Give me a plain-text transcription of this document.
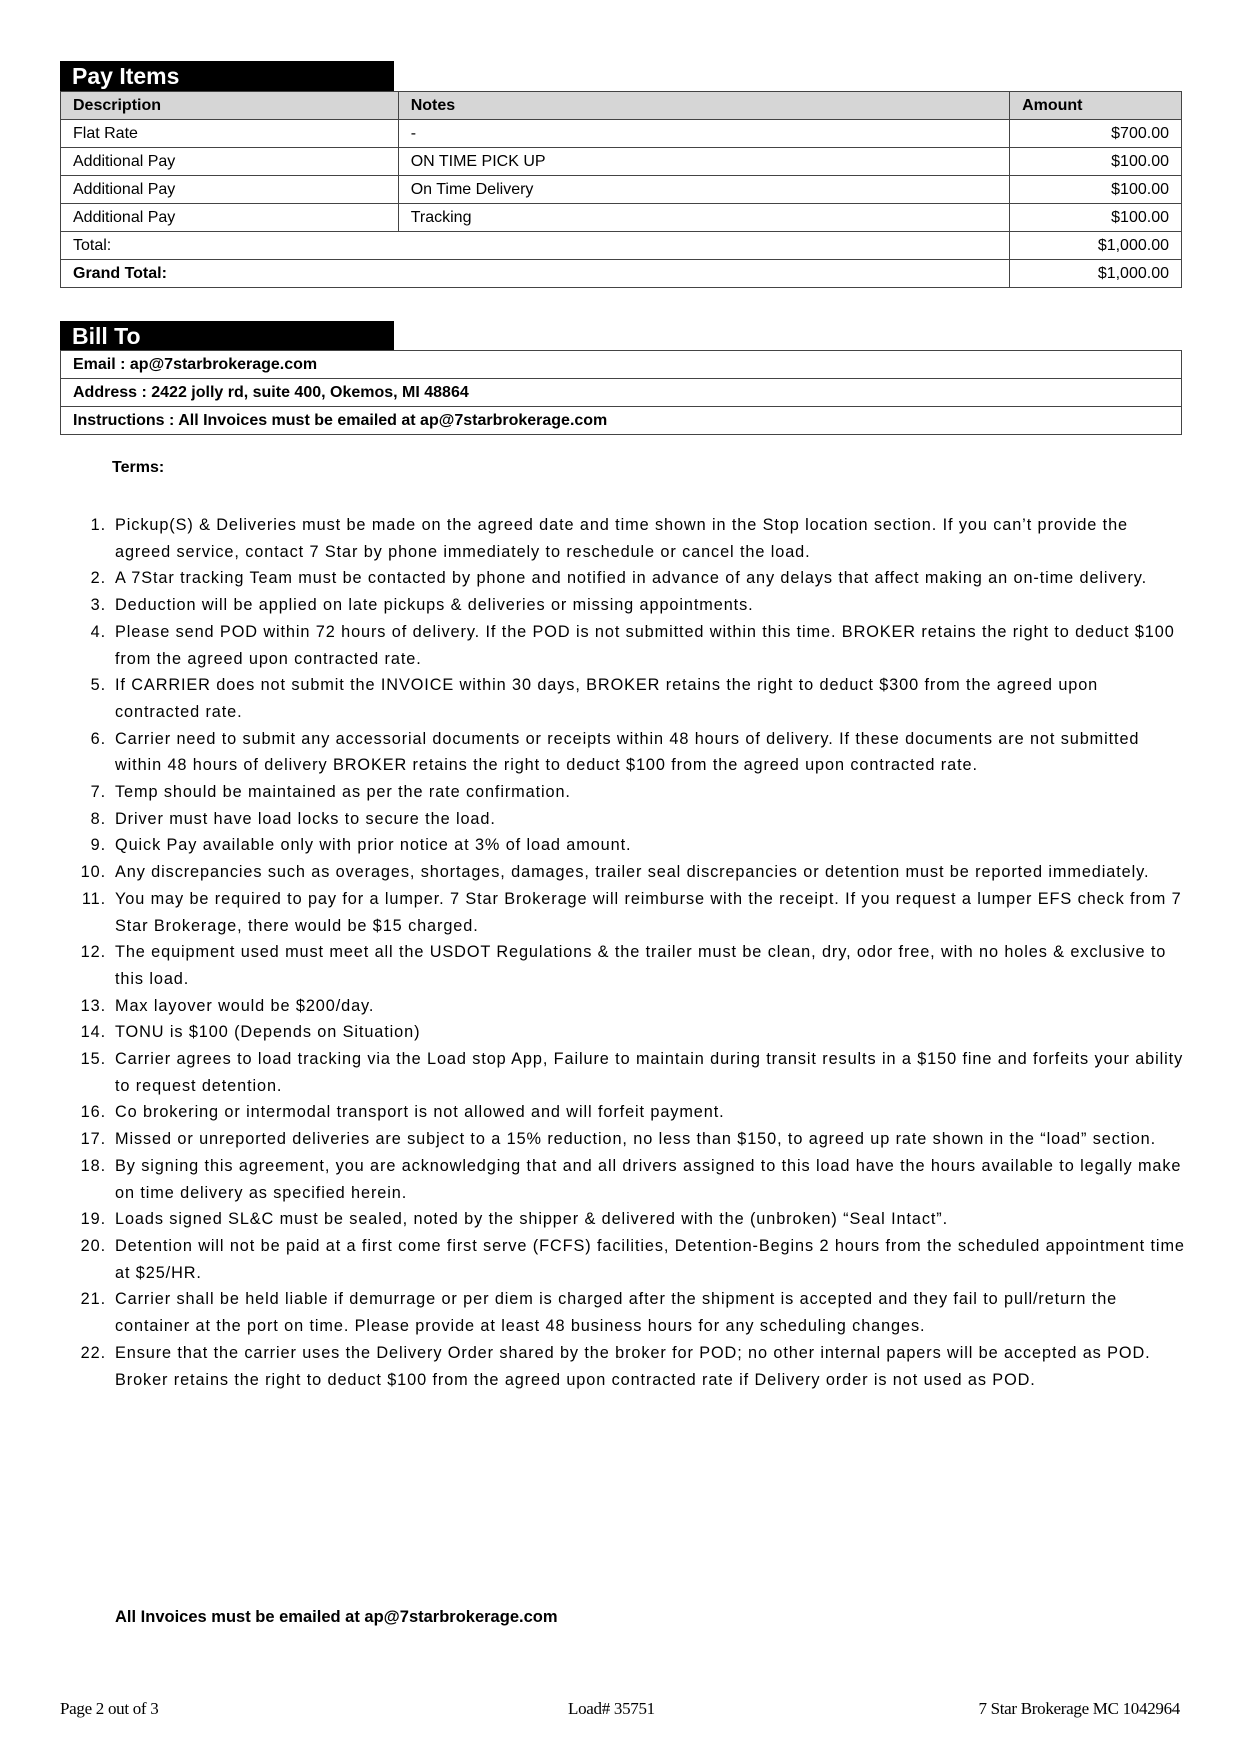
Pay Items
Description	Notes	Amount
Flat Rate	-	$700.00
Additional Pay	ON TIME PICK UP	$100.00
Additional Pay	On Time Delivery	$100.00
Additional Pay	Tracking	$100.00
Total:		$1,000.00
Grand Total:		$1,000.00
Bill To
Email : ap@7starbrokerage.com
Address : 2422 jolly rd, suite 400, Okemos, MI 48864
Instructions : All Invoices must be emailed at ap@7starbrokerage.com
Terms:
1. Pickup(S) & Deliveries must be made on the agreed date and time shown in the Stop location section. If you can’t provide the agreed service, contact 7 Star by phone immediately to reschedule or cancel the load.
2. A 7Star tracking Team must be contacted by phone and notified in advance of any delays that affect making an on-time delivery.
3. Deduction will be applied on late pickups & deliveries or missing appointments.
4. Please send POD within 72 hours of delivery. If the POD is not submitted within this time. BROKER retains the right to deduct $100 from the agreed upon contracted rate.
5. If CARRIER does not submit the INVOICE within 30 days, BROKER retains the right to deduct $300 from the agreed upon contracted rate.
6. Carrier need to submit any accessorial documents or receipts within 48 hours of delivery. If these documents are not submitted within 48 hours of delivery BROKER retains the right to deduct $100 from the agreed upon contracted rate.
7. Temp should be maintained as per the rate confirmation.
8. Driver must have load locks to secure the load.
9. Quick Pay available only with prior notice at 3% of load amount.
10. Any discrepancies such as overages, shortages, damages, trailer seal discrepancies or detention must be reported immediately.
11. You may be required to pay for a lumper. 7 Star Brokerage will reimburse with the receipt. If you request a lumper EFS check from 7 Star Brokerage, there would be $15 charged.
12. The equipment used must meet all the USDOT Regulations & the trailer must be clean, dry, odor free, with no holes & exclusive to this load.
13. Max layover would be $200/day.
14. TONU is $100 (Depends on Situation)
15. Carrier agrees to load tracking via the Load stop App, Failure to maintain during transit results in a $150 fine and forfeits your ability to request detention.
16. Co brokering or intermodal transport is not allowed and will forfeit payment.
17. Missed or unreported deliveries are subject to a 15% reduction, no less than $150, to agreed up rate shown in the “load” section.
18. By signing this agreement, you are acknowledging that and all drivers assigned to this load have the hours available to legally make on time delivery as specified herein.
19. Loads signed SL&C must be sealed, noted by the shipper & delivered with the (unbroken) “Seal Intact”.
20. Detention will not be paid at a first come first serve (FCFS) facilities, Detention-Begins 2 hours from the scheduled appointment time at $25/HR.
21. Carrier shall be held liable if demurrage or per diem is charged after the shipment is accepted and they fail to pull/return the container at the port on time. Please provide at least 48 business hours for any scheduling changes.
22. Ensure that the carrier uses the Delivery Order shared by the broker for POD; no other internal papers will be accepted as POD. Broker retains the right to deduct $100 from the agreed upon contracted rate if Delivery order is not used as POD.
All Invoices must be emailed at ap@7starbrokerage.com
Page 2 out of 3	Load# 35751	7 Star Brokerage MC 1042964
